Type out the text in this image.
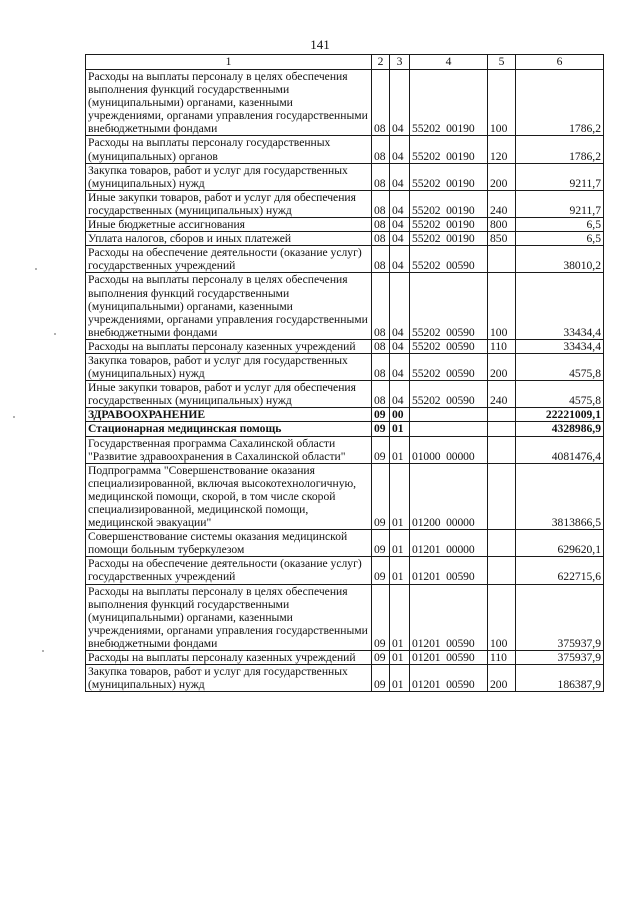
141
1	2	3	4	5	6
Расходы на выплаты персоналу в целях обеспечения выполнения функций государственными (муниципальными) органами, казенными учреждениями, органами управления государственными внебюджетными фондами	08	04	55202  00190	100	1786,2
Расходы на выплаты персоналу государственных (муниципальных) органов	08	04	55202  00190	120	1786,2
Закупка товаров, работ и услуг для государственных (муниципальных) нужд	08	04	55202  00190	200	9211,7
Иные закупки товаров, работ и услуг для обеспечения государственных (муниципальных) нужд	08	04	55202  00190	240	9211,7
Иные бюджетные ассигнования	08	04	55202  00190	800	6,5
Уплата налогов, сборов и иных платежей	08	04	55202  00190	850	6,5
Расходы на обеспечение деятельности (оказание услуг) государственных учреждений	08	04	55202  00590		38010,2
Расходы на выплаты персоналу в целях обеспечения выполнения функций государственными (муниципальными) органами, казенными учреждениями, органами управления государственными внебюджетными фондами	08	04	55202  00590	100	33434,4
Расходы на выплаты персоналу казенных учреждений	08	04	55202  00590	110	33434,4
Закупка товаров, работ и услуг для государственных (муниципальных) нужд	08	04	55202  00590	200	4575,8
Иные закупки товаров, работ и услуг для обеспечения государственных (муниципальных) нужд	08	04	55202  00590	240	4575,8
ЗДРАВООХРАНЕНИЕ	09	00			22221009,1
Стационарная медицинская помощь	09	01			4328986,9
Государственная программа Сахалинской области "Развитие здравоохранения в Сахалинской области"	09	01	01000  00000		4081476,4
Подпрограмма "Совершенствование оказания специализированной, включая высокотехнологичную, медицинской помощи, скорой, в том числе скорой специализированной, медицинской помощи, медицинской эвакуации"	09	01	01200  00000		3813866,5
Совершенствование системы оказания медицинской помощи больным туберкулезом	09	01	01201  00000		629620,1
Расходы на обеспечение деятельности (оказание услуг) государственных учреждений	09	01	01201  00590		622715,6
Расходы на выплаты персоналу в целях обеспечения выполнения функций государственными (муниципальными) органами, казенными учреждениями, органами управления государственными внебюджетными фондами	09	01	01201  00590	100	375937,9
Расходы на выплаты персоналу казенных учреждений	09	01	01201  00590	110	375937,9
Закупка товаров, работ и услуг для государственных (муниципальных) нужд	09	01	01201  00590	200	186387,9
